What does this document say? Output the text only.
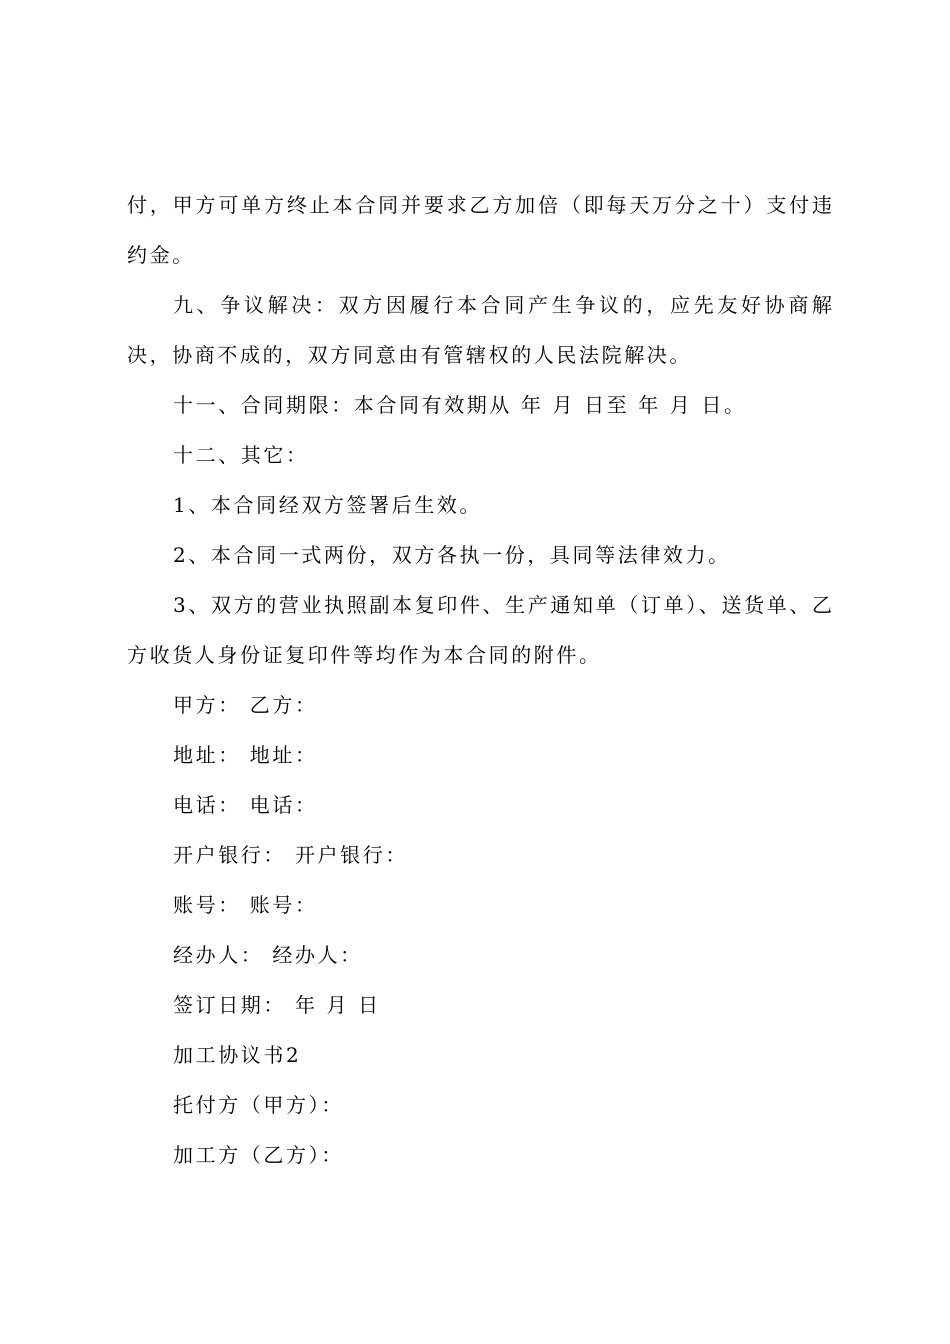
付，甲方可单方终止本合同并要求乙方加倍（即每天万分之十）支付违
约金。
九、争议解决：双方因履行本合同产生争议的，应先友好协商解
决，协商不成的，双方同意由有管辖权的人民法院解决。
十一、合同期限：本合同有效期从 年 月 日至 年 月 日。
十二、其它：
1、本合同经双方签署后生效。
2、本合同一式两份，双方各执一份，具同等法律效力。
3、双方的营业执照副本复印件、生产通知单（订单）、送货单、乙
方收货人身份证复印件等均作为本合同的附件。
甲方： 乙方：
地址： 地址：
电话： 电话：
开户银行： 开户银行：
账号： 账号：
经办人： 经办人：
签订日期： 年 月 日
加工协议书2
托付方（甲方）：
加工方（乙方）：
